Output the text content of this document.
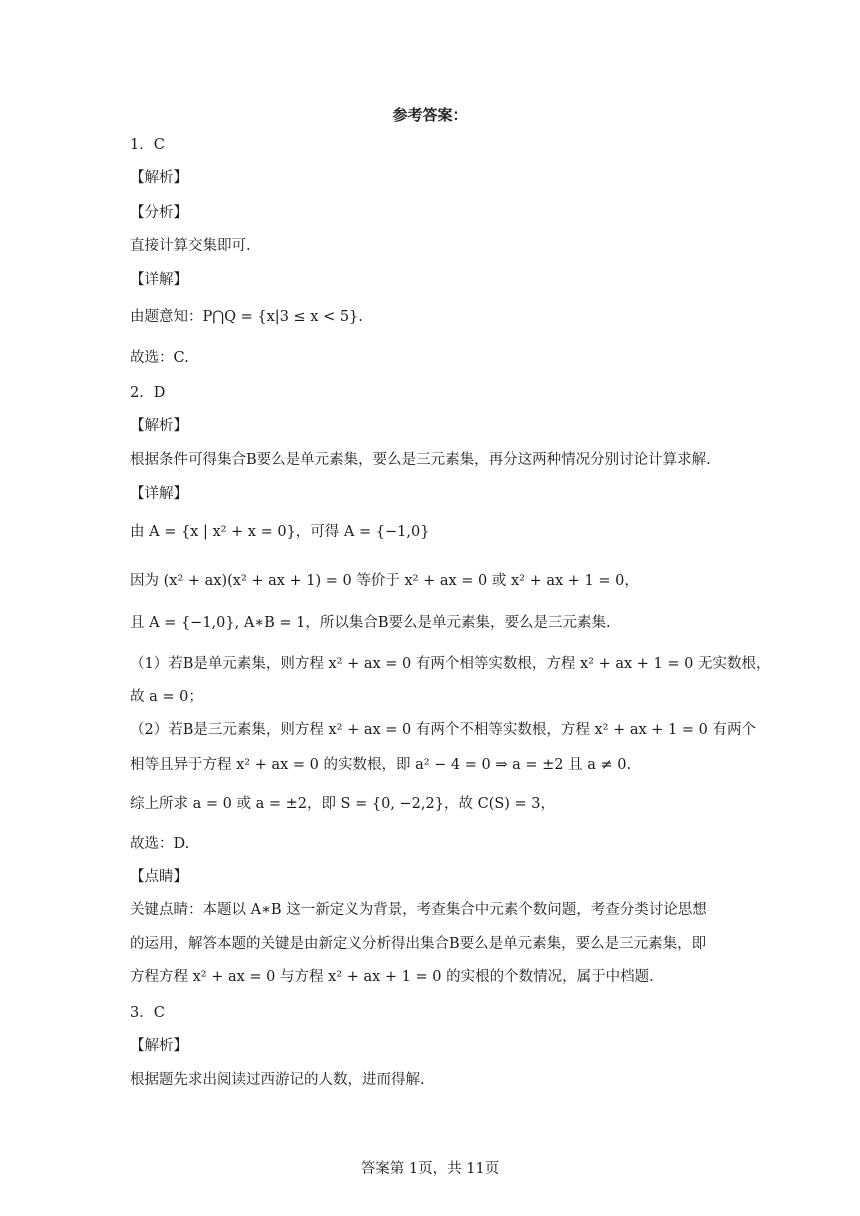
参考答案：
1．C
【解析】
【分析】
直接计算交集即可.
【详解】
由题意知：P⋂Q = {x|3 ≤ x < 5}.
故选：C.
2．D
【解析】
根据条件可得集合B要么是单元素集，要么是三元素集，再分这两种情况分别讨论计算求解.
【详解】
由 A = {x | x² + x = 0}，可得 A = {−1,0}
因为 (x² + ax)(x² + ax + 1) = 0 等价于 x² + ax = 0 或 x² + ax + 1 = 0，
且 A = {−1,0}, A∗B = 1，所以集合B要么是单元素集，要么是三元素集.
（1）若B是单元素集，则方程 x² + ax = 0 有两个相等实数根，方程 x² + ax + 1 = 0 无实数根，
故 a = 0；
（2）若B是三元素集，则方程 x² + ax = 0 有两个不相等实数根，方程 x² + ax + 1 = 0 有两个
相等且异于方程 x² + ax = 0 的实数根，即 a² − 4 = 0 ⇒ a = ±2 且 a ≠ 0.
综上所求 a = 0 或 a = ±2，即 S = {0, −2,2}，故 C(S) = 3，
故选：D.
【点睛】
关键点睛：本题以 A∗B 这一新定义为背景，考查集合中元素个数问题，考查分类讨论思想
的运用，解答本题的关键是由新定义分析得出集合B要么是单元素集，要么是三元素集，即
方程方程 x² + ax = 0 与方程 x² + ax + 1 = 0 的实根的个数情况，属于中档题.
3．C
【解析】
根据题先求出阅读过西游记的人数，进而得解.
答案第 1页，共 11页
